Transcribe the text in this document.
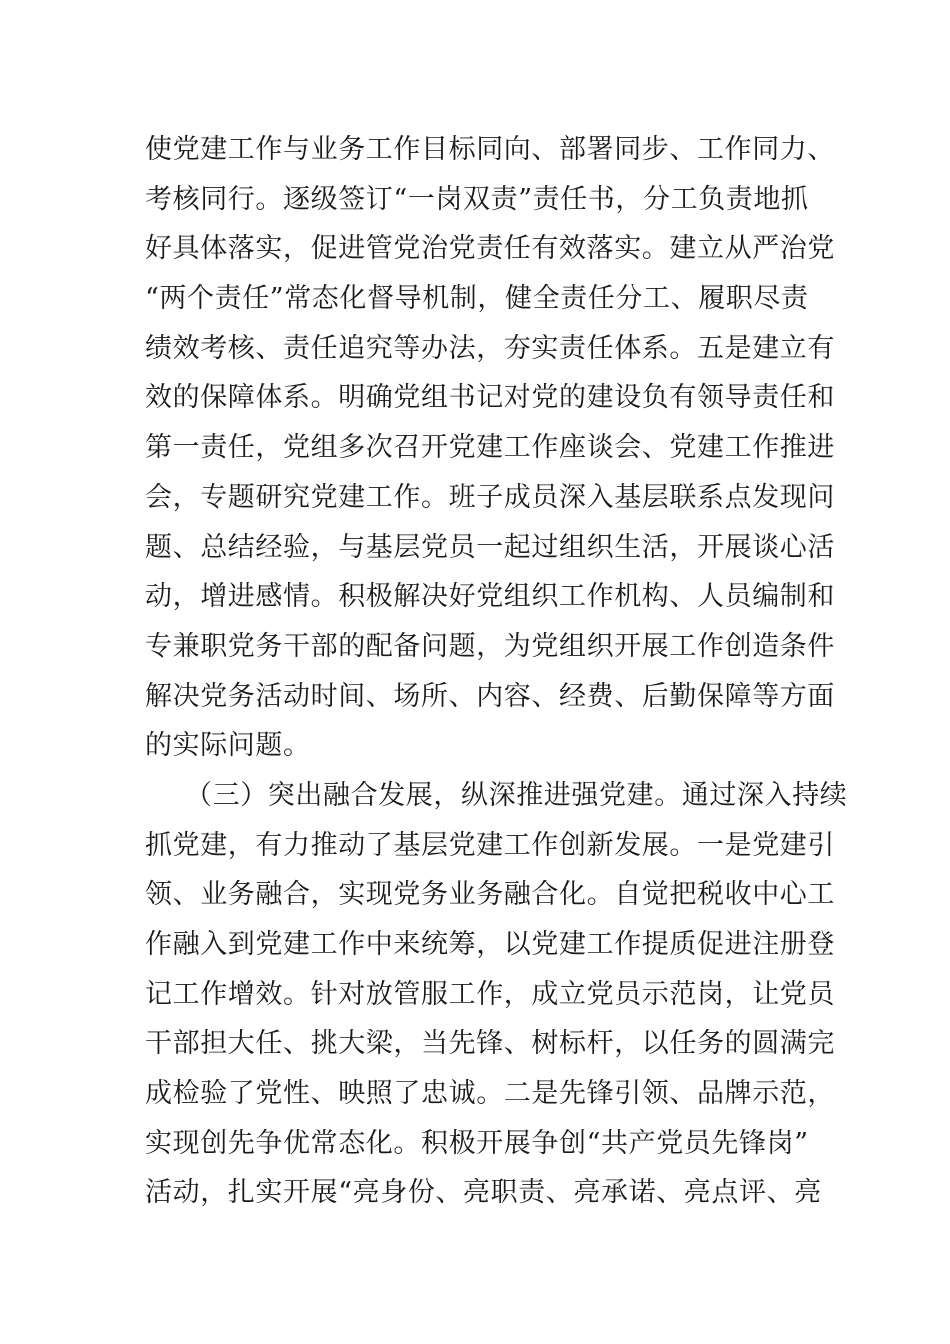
使党建工作与业务工作目标同向、部署同步、工作同力、
考核同行。逐级签订“一岗双责”责任书，分工负责地抓
好具体落实，促进管党治党责任有效落实。建立从严治党
“两个责任”常态化督导机制，健全责任分工、履职尽责
绩效考核、责任追究等办法，夯实责任体系。五是建立有
效的保障体系。明确党组书记对党的建设负有领导责任和
第一责任，党组多次召开党建工作座谈会、党建工作推进
会，专题研究党建工作。班子成员深入基层联系点发现问
题、总结经验，与基层党员一起过组织生活，开展谈心活
动，增进感情。积极解决好党组织工作机构、人员编制和
专兼职党务干部的配备问题，为党组织开展工作创造条件
解决党务活动时间、场所、内容、经费、后勤保障等方面
的实际问题。
（三）突出融合发展，纵深推进强党建。通过深入持续
抓党建，有力推动了基层党建工作创新发展。一是党建引
领、业务融合，实现党务业务融合化。自觉把税收中心工
作融入到党建工作中来统筹，以党建工作提质促进注册登
记工作增效。针对放管服工作，成立党员示范岗，让党员
干部担大任、挑大梁，当先锋、树标杆，以任务的圆满完
成检验了党性、映照了忠诚。二是先锋引领、品牌示范，
实现创先争优常态化。积极开展争创“共产党员先锋岗”
活动，扎实开展“亮身份、亮职责、亮承诺、亮点评、亮
